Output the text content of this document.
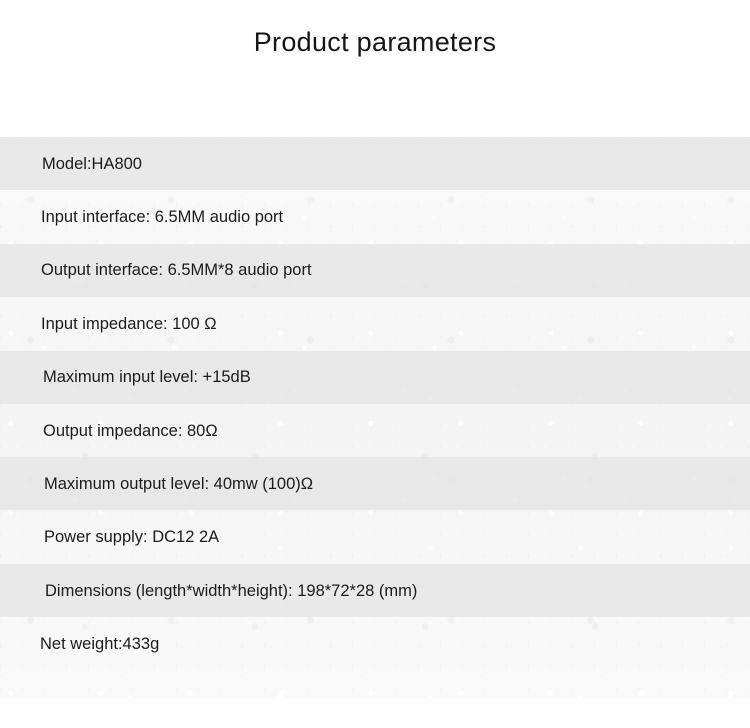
Product parameters
Model:HA800
Input interface: 6.5MM audio port
Output interface: 6.5MM*8 audio port
Input impedance: 100 Ω
Maximum input level: +15dB
Output impedance: 80Ω
Maximum output level: 40mw (100)Ω
Power supply: DC12 2A
Dimensions (length*width*height): 198*72*28 (mm)
Net weight:433g
